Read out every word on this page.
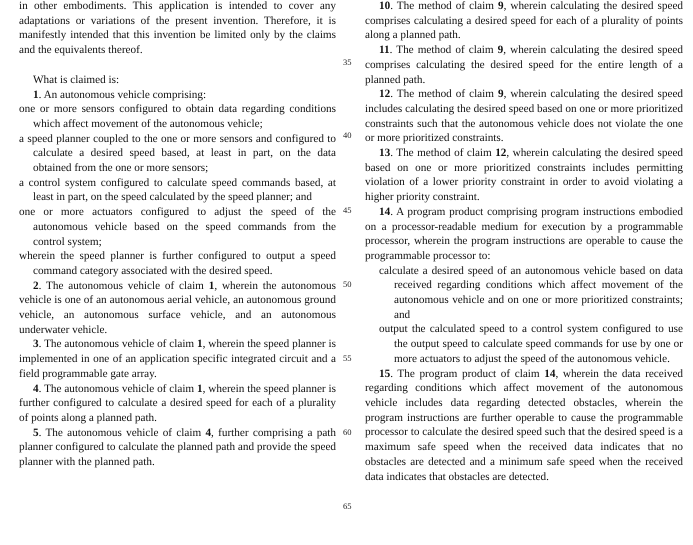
in other embodiments. This application is intended to cover any adaptations or variations of the present invention. Therefore, it is manifestly intended that this invention be limited only by the claims and the equivalents thereof.

What is claimed is:

1. An autonomous vehicle comprising:

one or more sensors configured to obtain data regarding conditions which affect movement of the autonomous vehicle;

a speed planner coupled to the one or more sensors and configured to calculate a desired speed based, at least in part, on the data obtained from the one or more sensors;

a control system configured to calculate speed commands based, at least in part, on the speed calculated by the speed planner; and

one or more actuators configured to adjust the speed of the autonomous vehicle based on the speed commands from the control system;

wherein the speed planner is further configured to output a speed command category associated with the desired speed.

2. The autonomous vehicle of claim 1, wherein the autonomous vehicle is one of an autonomous aerial vehicle, an autonomous ground vehicle, an autonomous surface vehicle, and an autonomous underwater vehicle.

3. The autonomous vehicle of claim 1, wherein the speed planner is implemented in one of an application specific integrated circuit and a field programmable gate array.

4. The autonomous vehicle of claim 1, wherein the speed planner is further configured to calculate a desired speed for each of a plurality of points along a planned path.

5. The autonomous vehicle of claim 4, further comprising a path planner configured to calculate the planned path and provide the speed planner with the planned path.

35
40
45
50
55
60
65

10. The method of claim 9, wherein calculating the desired speed comprises calculating a desired speed for each of a plurality of points along a planned path.

11. The method of claim 9, wherein calculating the desired speed comprises calculating the desired speed for the entire length of a planned path.

12. The method of claim 9, wherein calculating the desired speed includes calculating the desired speed based on one or more prioritized constraints such that the autonomous vehicle does not violate the one or more prioritized constraints.

13. The method of claim 12, wherein calculating the desired speed based on one or more prioritized constraints includes permitting violation of a lower priority constraint in order to avoid violating a higher priority constraint.

14. A program product comprising program instructions embodied on a processor-readable medium for execution by a programmable processor, wherein the program instructions are operable to cause the programmable processor to:

calculate a desired speed of an autonomous vehicle based on data received regarding conditions which affect movement of the autonomous vehicle and on one or more prioritized constraints; and

output the calculated speed to a control system configured to use the output speed to calculate speed commands for use by one or more actuators to adjust the speed of the autonomous vehicle.

15. The program product of claim 14, wherein the data received regarding conditions which affect movement of the autonomous vehicle includes data regarding detected obstacles, wherein the program instructions are further operable to cause the programmable processor to calculate the desired speed such that the desired speed is a maximum safe speed when the received data indicates that no obstacles are detected and a minimum safe speed when the received data indicates that obstacles are detected.
